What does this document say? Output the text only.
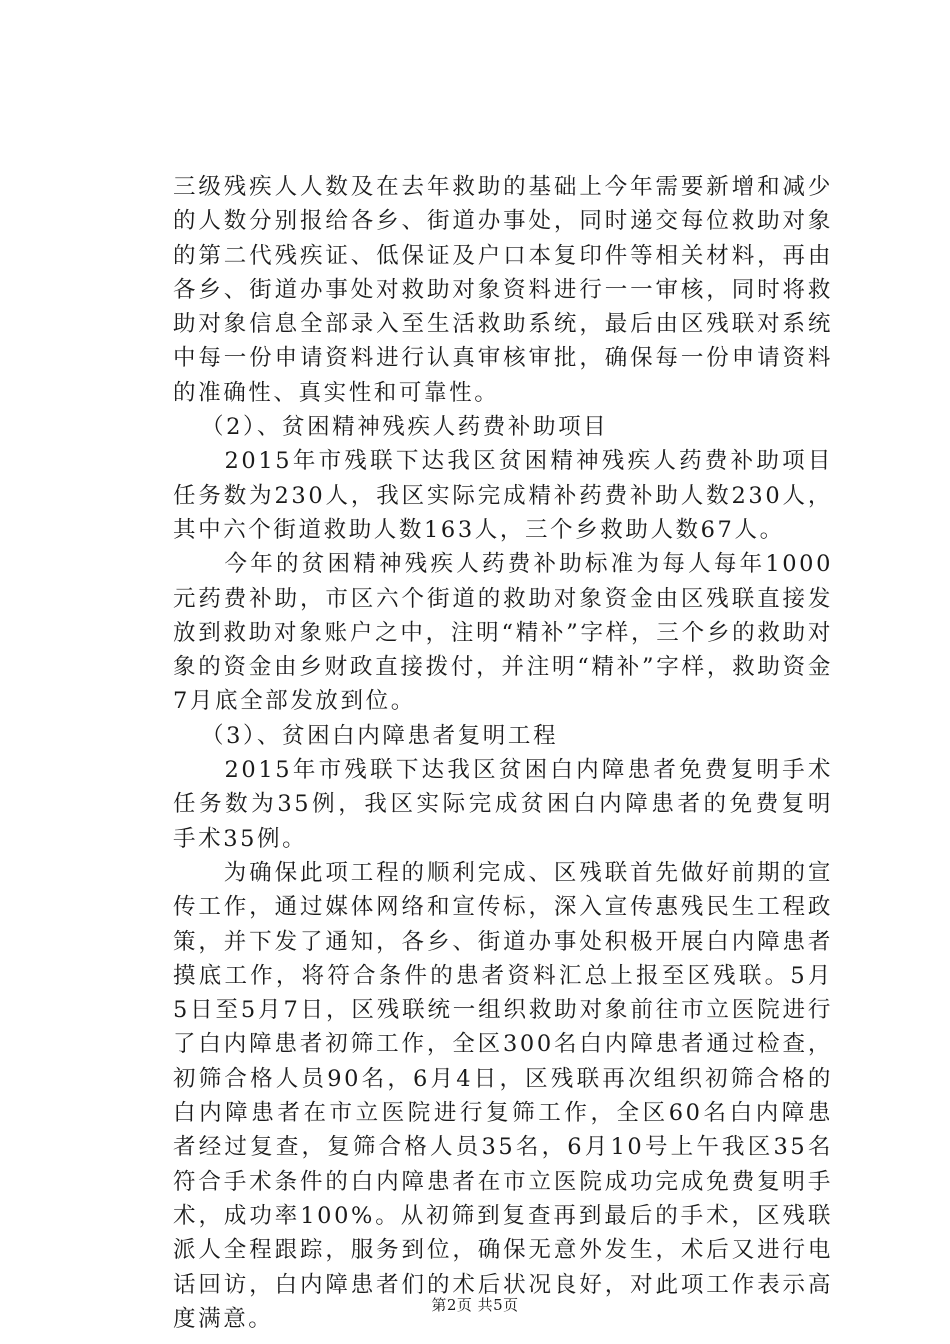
三级残疾人人数及在去年救助的基础上今年需要新增和减少的人数分别报给各乡、街道办事处，同时递交每位救助对象的第二代残疾证、低保证及户口本复印件等相关材料，再由各乡、街道办事处对救助对象资料进行一一审核，同时将救助对象信息全部录入至生活救助系统，最后由区残联对系统中每一份申请资料进行认真审核审批，确保每一份申请资料的准确性、真实性和可靠性。

（2）、贫困精神残疾人药费补助项目

　　2015年市残联下达我区贫困精神残疾人药费补助项目任务数为230人，我区实际完成精补药费补助人数230人，其中六个街道救助人数163人，三个乡救助人数67人。

　　今年的贫困精神残疾人药费补助标准为每人每年1000元药费补助，市区六个街道的救助对象资金由区残联直接发放到救助对象账户之中，注明“精补”字样，三个乡的救助对象的资金由乡财政直接拨付，并注明“精补”字样，救助资金7月底全部发放到位。

（3）、贫困白内障患者复明工程

　　2015年市残联下达我区贫困白内障患者免费复明手术任务数为35例，我区实际完成贫困白内障患者的免费复明手术35例。

　　为确保此项工程的顺利完成、区残联首先做好前期的宣传工作，通过媒体网络和宣传标，深入宣传惠残民生工程政策，并下发了通知，各乡、街道办事处积极开展白内障患者摸底工作，将符合条件的患者资料汇总上报至区残联。5月5日至5月7日，区残联统一组织救助对象前往市立医院进行了白内障患者初筛工作，全区300名白内障患者通过检查，初筛合格人员90名，6月4日，区残联再次组织初筛合格的白内障患者在市立医院进行复筛工作，全区60名白内障患者经过复查，复筛合格人员35名，6月10号上午我区35名符合手术条件的白内障患者在市立医院成功完成免费复明手术，成功率100%。从初筛到复查再到最后的手术，区残联派人全程跟踪，服务到位，确保无意外发生，术后又进行电话回访，白内障患者们的术后状况良好，对此项工作表示高度满意。

第2页 共5页
